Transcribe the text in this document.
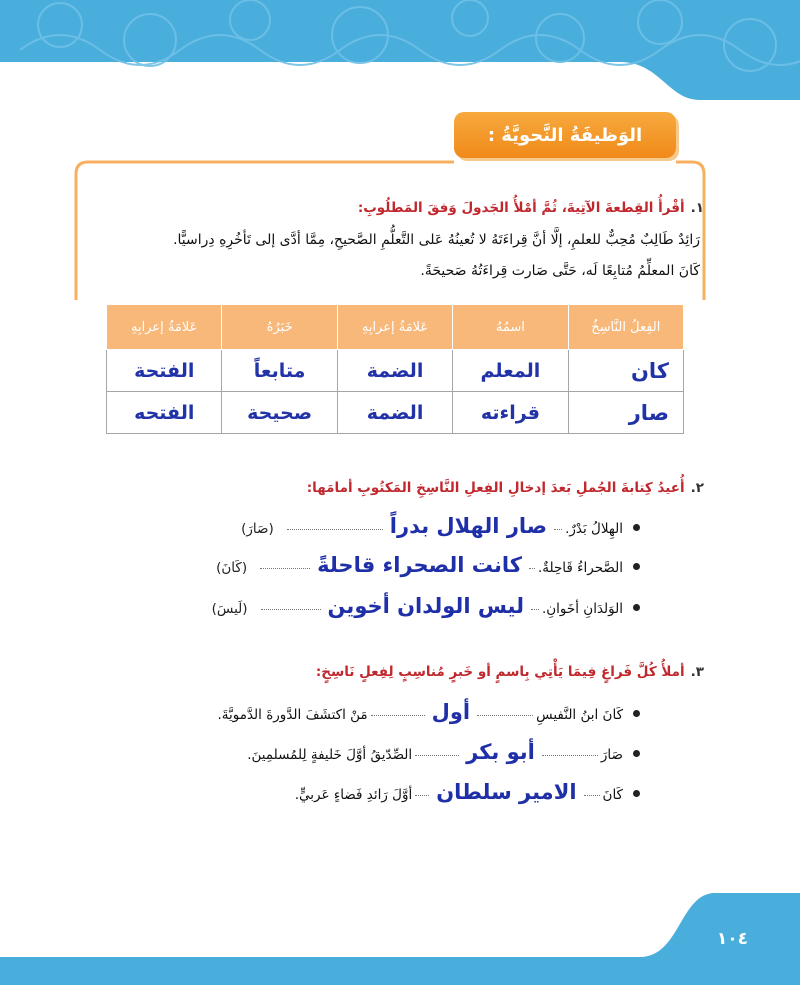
الوَظيفَةُ النَّحويَّةُ :
١.أقْرأُ القِطعةَ الآتِيةَ، ثُمَّ أمْلأُ الجَدولَ وَفقَ المَطلُوبِ:
رَائِدٌ طَالِبٌ مُحِبٌّ للعلمِ، إلَّا أنَّ قِراءَتَهُ لا تُعينُهُ عَلى التَّعلُّمِ الصَّحيحِ، مِمَّا أدَّى إلى تَأخُرِهِ دِراسيًّا.
كَانَ المعلِّمُ مُتابِعًا لَه، حَتَّى صَارت قِراءَتُهُ صَحيحَةً.
الفِعلُ النَّاسِخُ	اسمُهُ	عَلامَةُ إعرابِهِ	خَبَرُهُ	عَلامَةُ إعرابِهِ
كان	المعلم	الضمة	متابعاً	الفتحة
صار	قراءته	الضمة	صحيحة	الفتحه
٢.أُعيدُ كِتابةَ الجُملِ بَعدَ إدخالِ الفِعلِ النَّاسِخِ المَكتُوبِ أمامَها:
الهِلالُ بَدْرٌ.
صار الهلال بدراً
(صَارَ)
الصَّحراءُ قَاحِلةٌ.
كانت الصحراء قاحلةً
(كَانَ)
الوَلدَانِ أخَوانِ.
ليس الولدان أخوين
(لَيسَ)
٣.أملأُ كُلَّ فَراغٍ فِيمَا يَأْتِي بِاسمٍ أو خَبرٍ مُناسِبٍ لِفِعلٍ نَاسِخٍ:
كَانَ ابنُ النَّفيسِ
أول
مَنْ اكتشَفَ الدَّورةَ الدَّمويَّةَ.
صَارَ
أبو بكر
الصِّدّيقُ أوَّلَ خَليفةٍ لِلمُسلمِينَ.
كَانَ
الامير سلطان
أوَّلَ رَائدِ فَضاءٍ عَربيٍّ.
١٠٤
